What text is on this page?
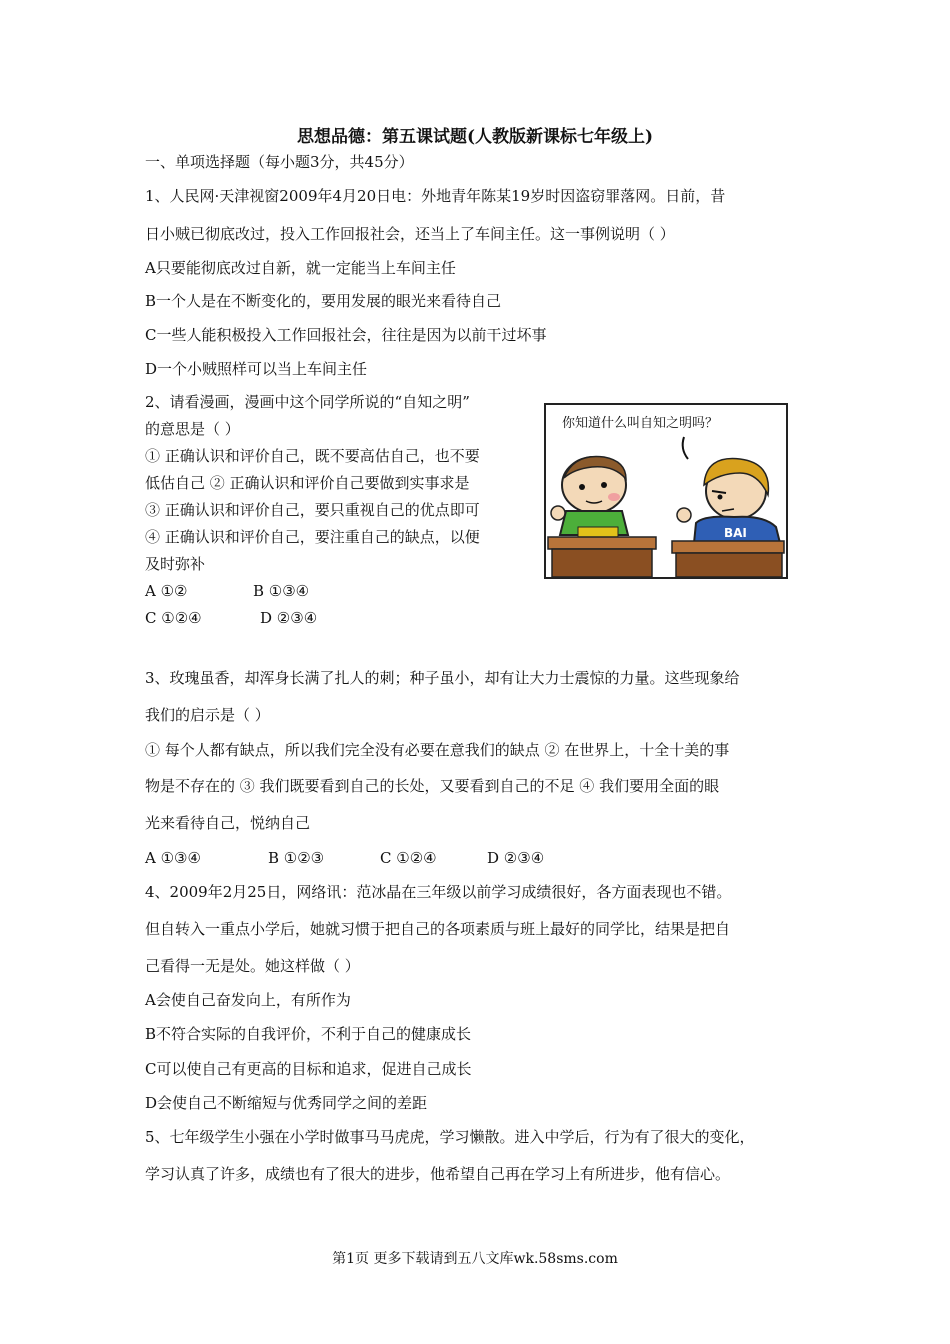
思想品德：第五课试题(人教版新课标七年级上)
一、单项选择题（每小题3分，共45分）
1、人民网·天津视窗2009年4月20日电：外地青年陈某19岁时因盗窃罪落网。日前，昔
日小贼已彻底改过，投入工作回报社会，还当上了车间主任。这一事例说明（ ）
A只要能彻底改过自新，就一定能当上车间主任
B一个人是在不断变化的，要用发展的眼光来看待自己
C一些人能积极投入工作回报社会，往往是因为以前干过坏事
D一个小贼照样可以当上车间主任
2、请看漫画，漫画中这个同学所说的“自知之明”
的意思是（ ）
① 正确认识和评价自己，既不要高估自己，也不要
低估自己 ② 正确认识和评价自己要做到实事求是
③ 正确认识和评价自己，要只重视自己的优点即可
④ 正确认识和评价自己，要注重自己的缺点，以便
及时弥补
A ①②	B ①③④
C ①②④	D ②③④
你知道什么叫自知之明吗？
BAI
3、玫瑰虽香，却浑身长满了扎人的刺；种子虽小，却有让大力士震惊的力量。这些现象给
我们的启示是（ ）
① 每个人都有缺点，所以我们完全没有必要在意我们的缺点 ② 在世界上，十全十美的事
物是不存在的 ③ 我们既要看到自己的长处，又要看到自己的不足 ④ 我们要用全面的眼
光来看待自己，悦纳自己
A ①③④	B ①②③	C ①②④	D ②③④
4、2009年2月25日，网络讯：范冰晶在三年级以前学习成绩很好，各方面表现也不错。
但自转入一重点小学后，她就习惯于把自己的各项素质与班上最好的同学比，结果是把自
己看得一无是处。她这样做（ ）
A会使自己奋发向上，有所作为
B不符合实际的自我评价，不利于自己的健康成长
C可以使自己有更高的目标和追求，促进自己成长
D会使自己不断缩短与优秀同学之间的差距
5、七年级学生小强在小学时做事马马虎虎，学习懒散。进入中学后，行为有了很大的变化，
学习认真了许多，成绩也有了很大的进步，他希望自己再在学习上有所进步，他有信心。
第1页 更多下载请到五八文库wk.58sms.com
